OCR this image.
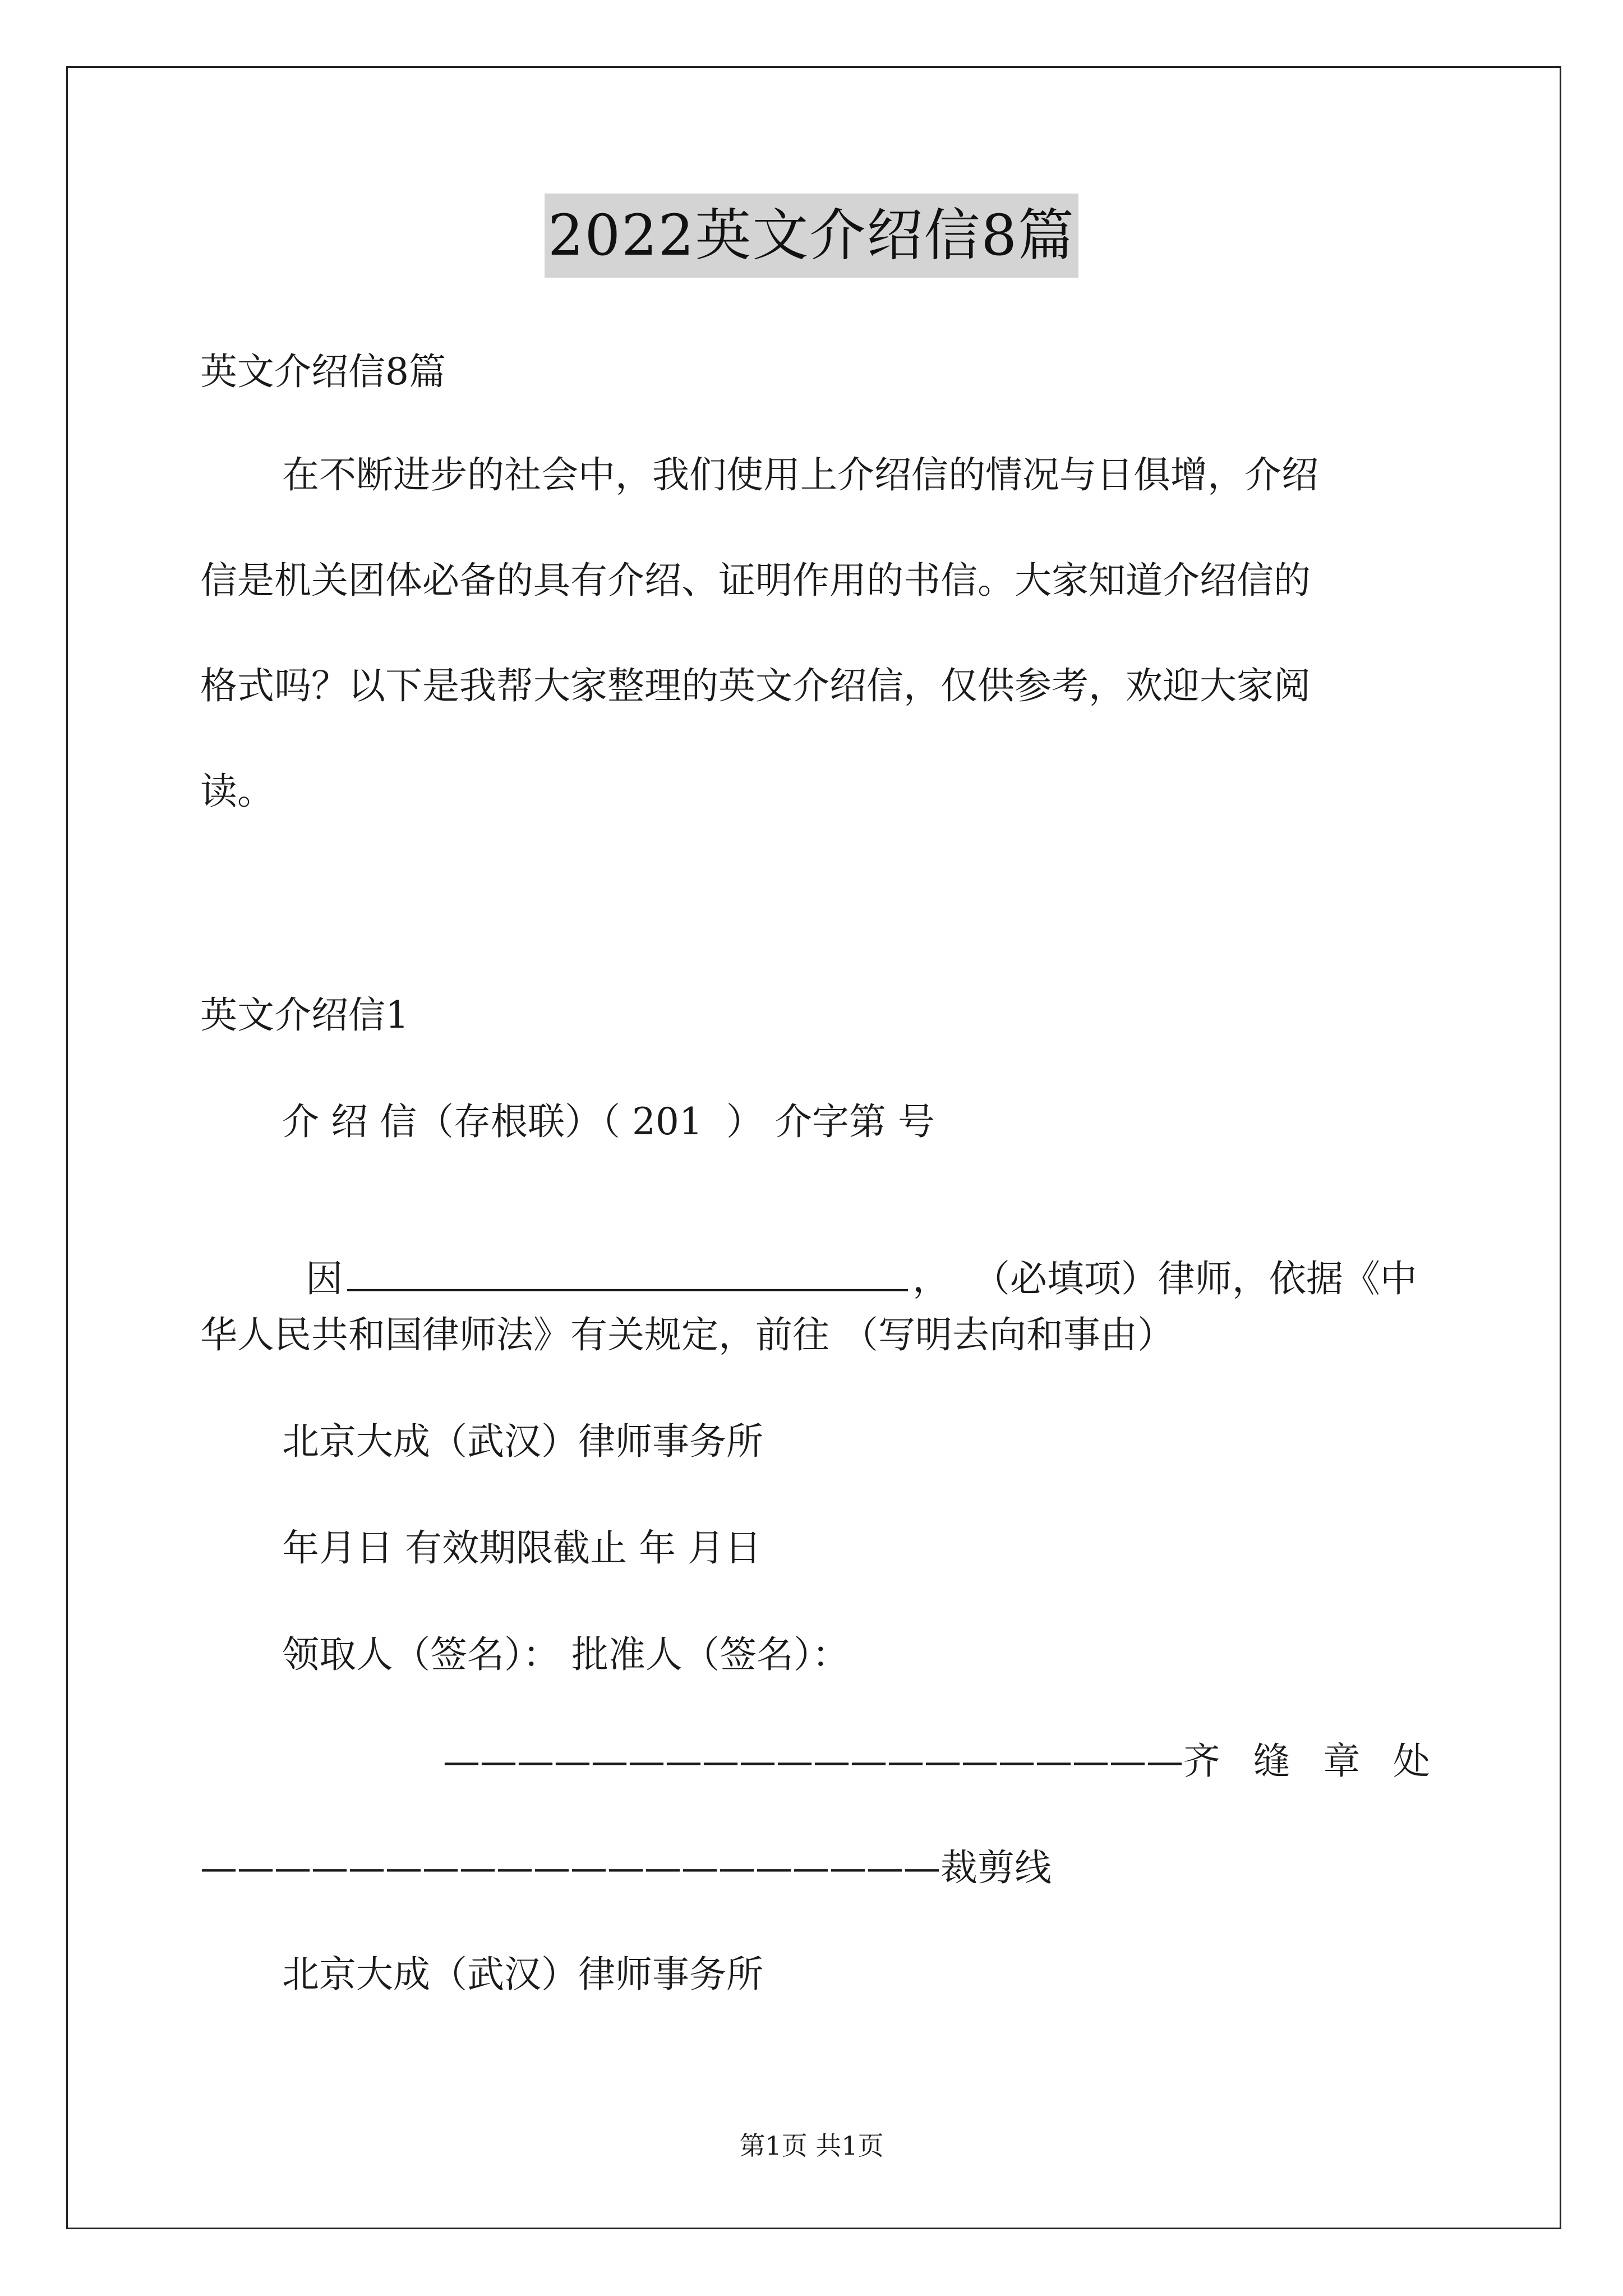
2022英文介绍信8篇
英文介绍信8篇
在不断进步的社会中，我们使用上介绍信的情况与日俱增，介绍
信是机关团体必备的具有介绍、证明作用的书信。大家知道介绍信的
格式吗？以下是我帮大家整理的英文介绍信，仅供参考，欢迎大家阅
读。
英文介绍信1
介 绍 信（存根联）（ 201  ） 介字第 号

因	，  （必填项）律师，依据《中

华人民共和国律师法》有关规定，前往 （写明去向和事由）
北京大成（武汉）律师事务所
年月日 有效期限截止 年 月日
领取人（签名）： 批准人（签名）：
————————————————————齐 缝 章 处
————————————————————裁剪线
北京大成（武汉）律师事务所
第1页 共1页
